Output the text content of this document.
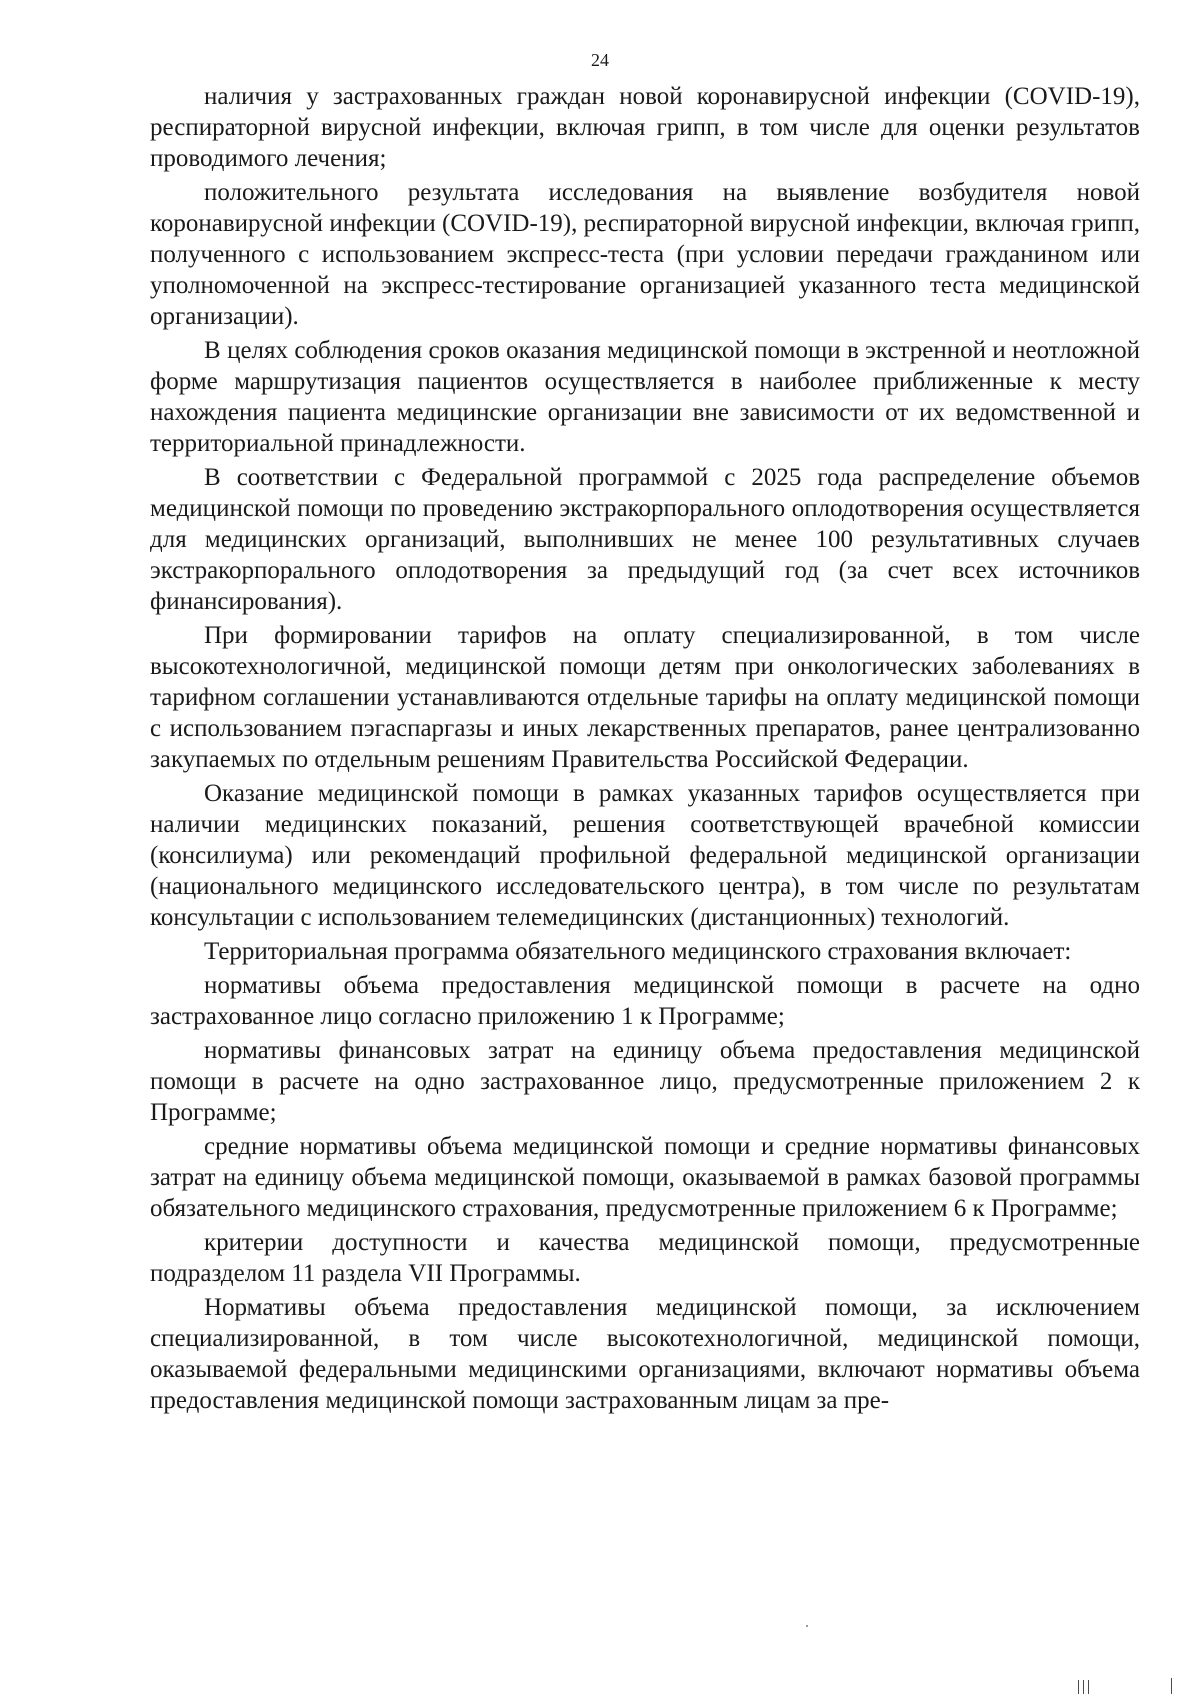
24

наличия у застрахованных граждан новой коронавирусной инфекции (COVID-19), респираторной вирусной инфекции, включая грипп, в том числе для оценки результатов проводимого лечения;

положительного результата исследования на выявление возбудителя новой коронавирусной инфекции (COVID-19), респираторной вирусной инфекции, включая грипп, полученного с использованием экспресс-теста (при условии передачи гражданином или уполномоченной на экспресс-тестирование организацией указанного теста медицинской организации).

В целях соблюдения сроков оказания медицинской помощи в экстренной и неотложной форме маршрутизация пациентов осуществляется в наиболее приближенные к месту нахождения пациента медицинские организации вне зависимости от их ведомственной и территориальной принадлежности.

В соответствии с Федеральной программой с 2025 года распределение объемов медицинской помощи по проведению экстракорпорального оплодотворения осуществляется для медицинских организаций, выполнивших не менее 100 результативных случаев экстракорпорального оплодотворения за предыдущий год (за счет всех источников финансирования).

При формировании тарифов на оплату специализированной, в том числе высокотехнологичной, медицинской помощи детям при онкологических заболеваниях в тарифном соглашении устанавливаются отдельные тарифы на оплату медицинской помощи с использованием пэгаспаргазы и иных лекарственных препаратов, ранее централизованно закупаемых по отдельным решениям Правительства Российской Федерации.

Оказание медицинской помощи в рамках указанных тарифов осуществляется при наличии медицинских показаний, решения соответствующей врачебной комиссии (консилиума) или рекомендаций профильной федеральной медицинской организации (национального медицинского исследовательского центра), в том числе по результатам консультации с использованием телемедицинских (дистанционных) технологий.

Территориальная программа обязательного медицинского страхования включает:

нормативы объема предоставления медицинской помощи в расчете на одно застрахованное лицо согласно приложению 1 к Программе;

нормативы финансовых затрат на единицу объема предоставления медицинской помощи в расчете на одно застрахованное лицо, предусмотренные приложением 2 к Программе;

средние нормативы объема медицинской помощи и средние нормативы финансовых затрат на единицу объема медицинской помощи, оказываемой в рамках базовой программы обязательного медицинского страхования, предусмотренные приложением 6 к Программе;

критерии доступности и качества медицинской помощи, предусмотренные подразделом 11 раздела VII Программы.

Нормативы объема предоставления медицинской помощи, за исключением специализированной, в том числе высокотехнологичной, медицинской помощи, оказываемой федеральными медицинскими организациями, включают нормативы объема предоставления медицинской помощи застрахованным лицам за пре-
